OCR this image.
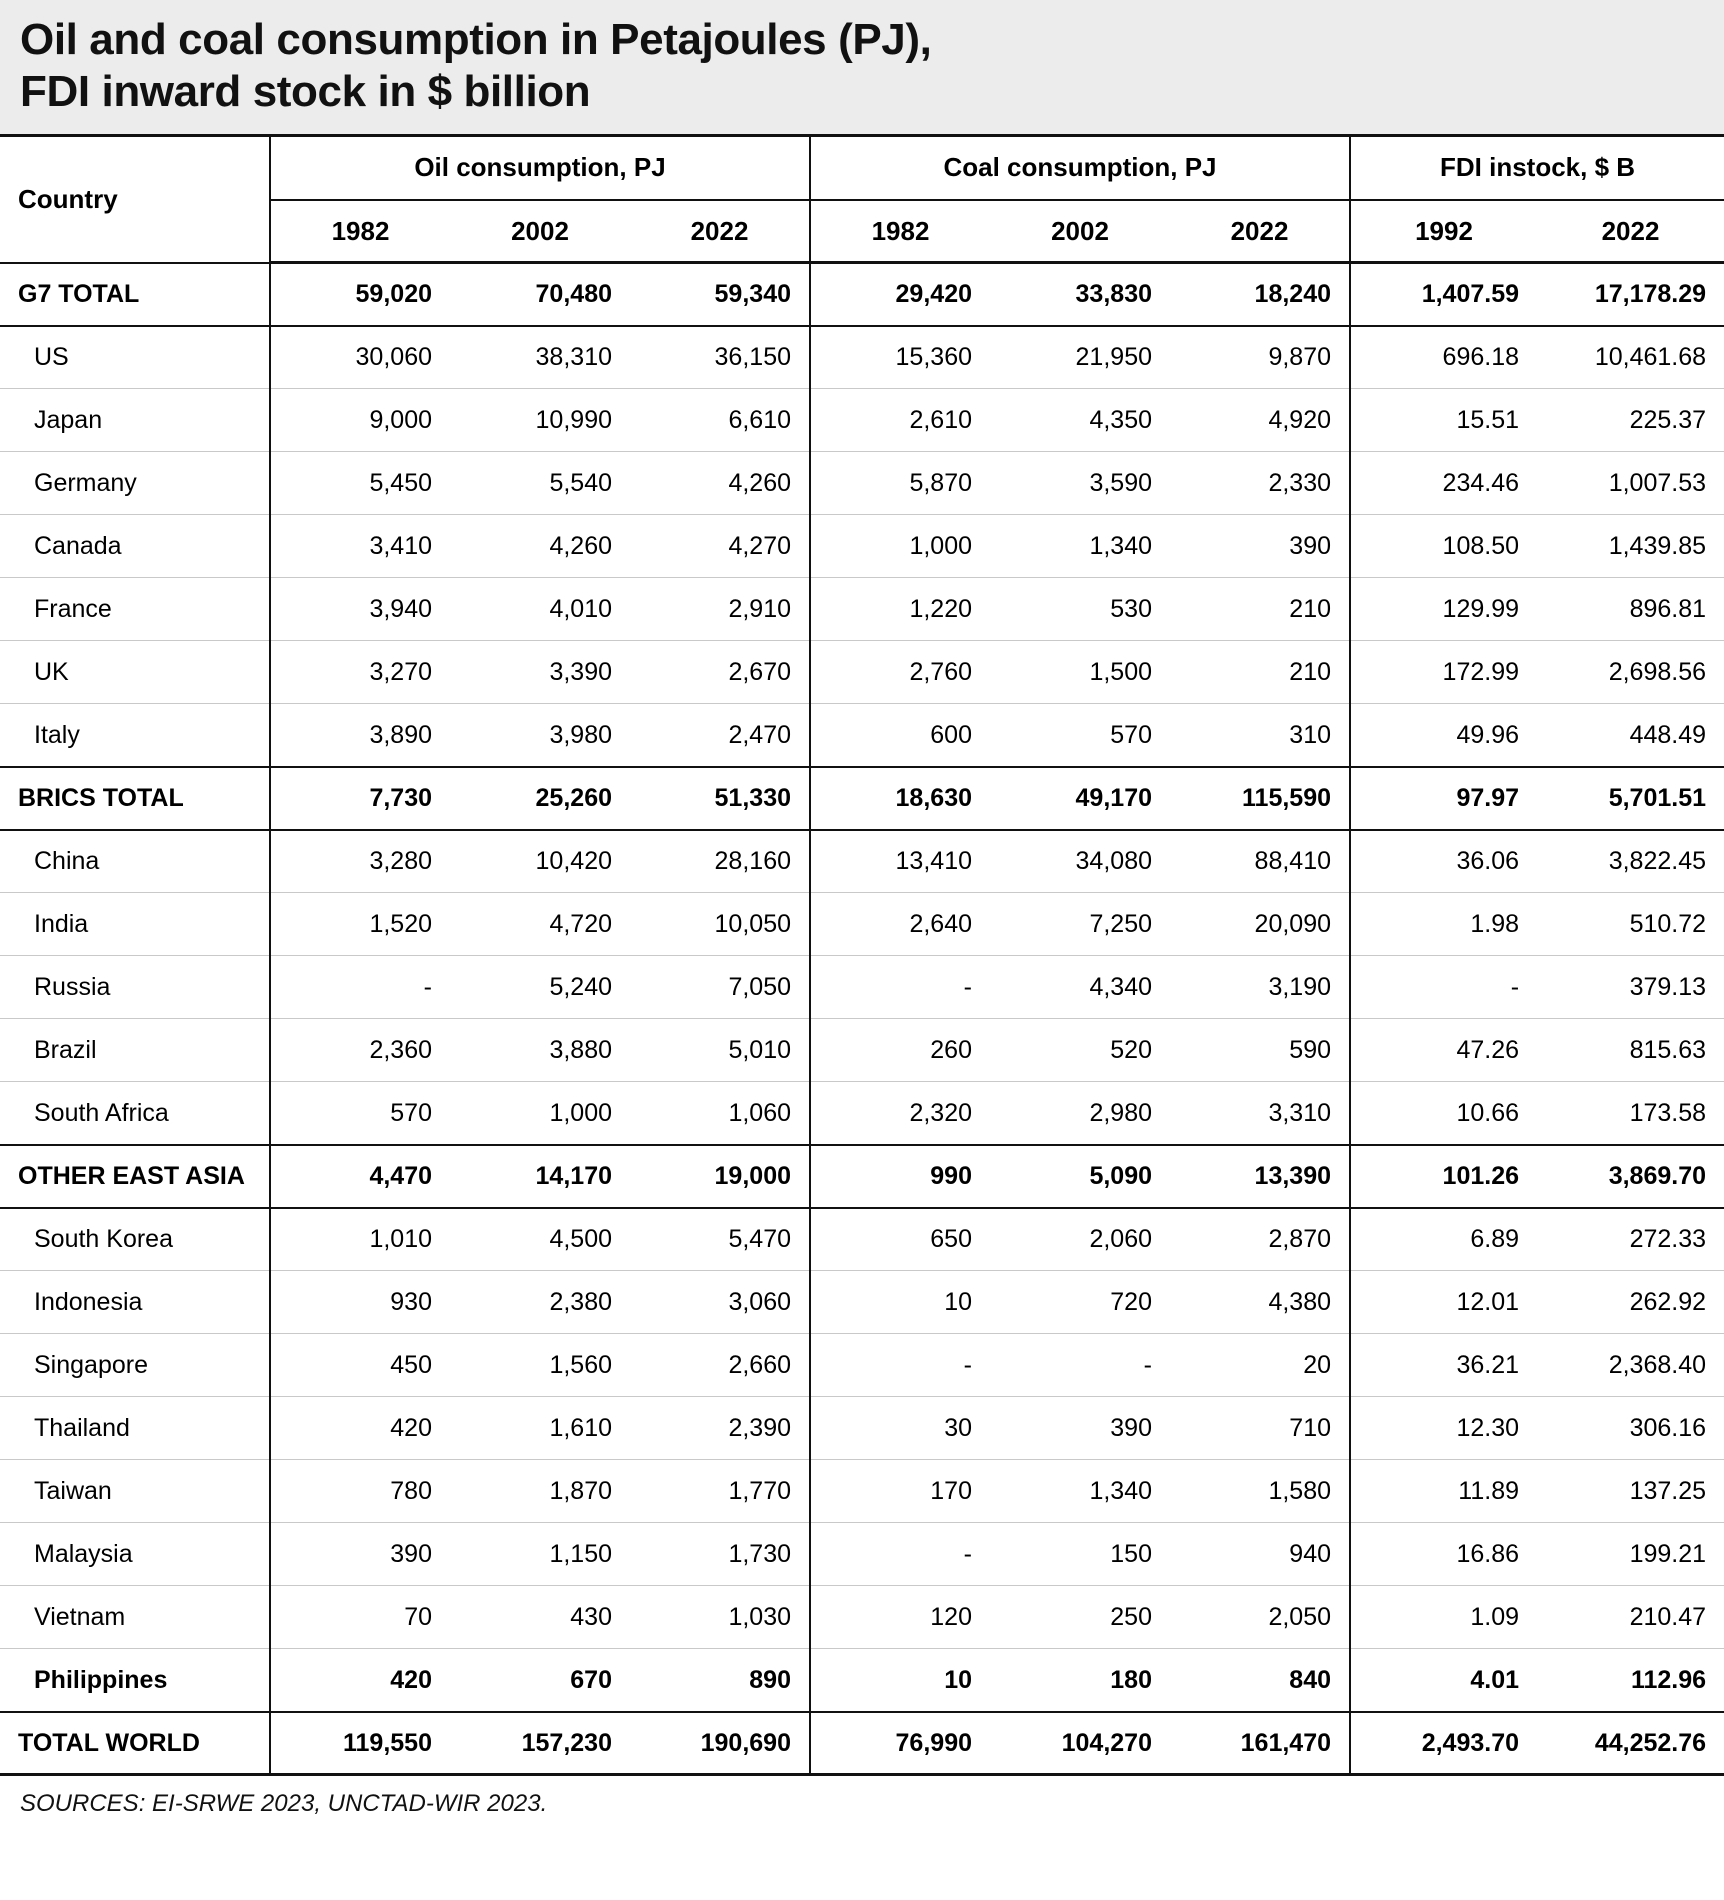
Oil and coal consumption in Petajoules (PJ),
FDI inward stock in $ billion
Country	Oil consumption, PJ			Coal consumption, PJ			FDI instock, $ B	
	1982	2002	2022	1982	2002	2022	1992	2022
G7 TOTAL	59,020	70,480	59,340	29,420	33,830	18,240	1,407.59	17,178.29
US	30,060	38,310	36,150	15,360	21,950	9,870	696.18	10,461.68
Japan	9,000	10,990	6,610	2,610	4,350	4,920	15.51	225.37
Germany	5,450	5,540	4,260	5,870	3,590	2,330	234.46	1,007.53
Canada	3,410	4,260	4,270	1,000	1,340	390	108.50	1,439.85
France	3,940	4,010	2,910	1,220	530	210	129.99	896.81
UK	3,270	3,390	2,670	2,760	1,500	210	172.99	2,698.56
Italy	3,890	3,980	2,470	600	570	310	49.96	448.49
BRICS TOTAL	7,730	25,260	51,330	18,630	49,170	115,590	97.97	5,701.51
China	3,280	10,420	28,160	13,410	34,080	88,410	36.06	3,822.45
India	1,520	4,720	10,050	2,640	7,250	20,090	1.98	510.72
Russia	-	5,240	7,050	-	4,340	3,190	-	379.13
Brazil	2,360	3,880	5,010	260	520	590	47.26	815.63
South Africa	570	1,000	1,060	2,320	2,980	3,310	10.66	173.58
OTHER EAST ASIA	4,470	14,170	19,000	990	5,090	13,390	101.26	3,869.70
South Korea	1,010	4,500	5,470	650	2,060	2,870	6.89	272.33
Indonesia	930	2,380	3,060	10	720	4,380	12.01	262.92
Singapore	450	1,560	2,660	-	-	20	36.21	2,368.40
Thailand	420	1,610	2,390	30	390	710	12.30	306.16
Taiwan	780	1,870	1,770	170	1,340	1,580	11.89	137.25
Malaysia	390	1,150	1,730	-	150	940	16.86	199.21
Vietnam	70	430	1,030	120	250	2,050	1.09	210.47
Philippines	420	670	890	10	180	840	4.01	112.96
TOTAL WORLD	119,550	157,230	190,690	76,990	104,270	161,470	2,493.70	44,252.76
SOURCES: EI-SRWE 2023, UNCTAD-WIR 2023.
